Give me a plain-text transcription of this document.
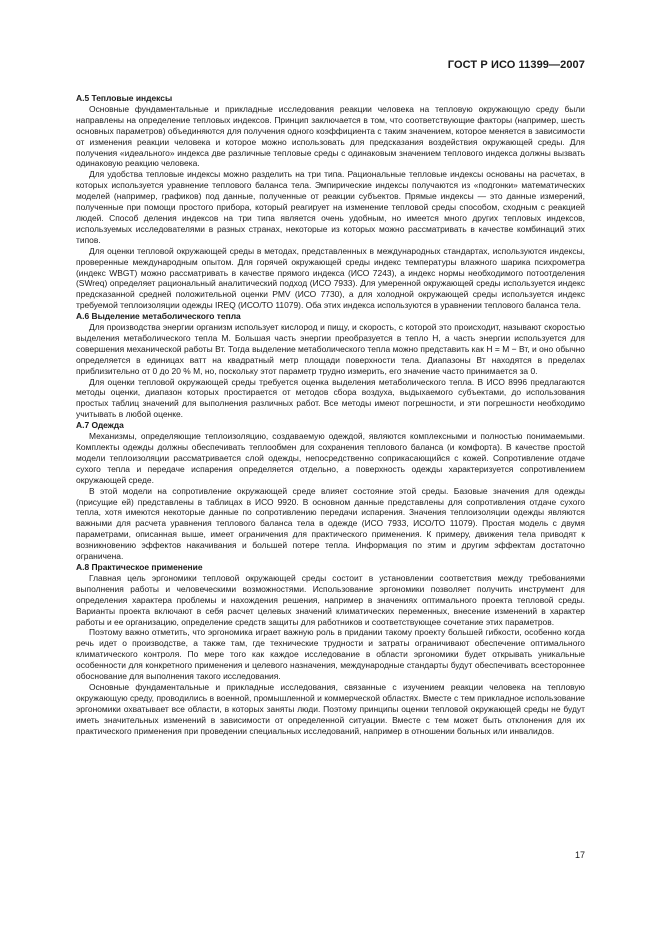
ГОСТ Р ИСО 11399—2007
A.5 Тепловые индексы

Основные фундаментальные и прикладные исследования реакции человека на тепловую окружающую среду были направлены на определение тепловых индексов. Принцип заключается в том, что соответствующие факторы (например, шесть основных параметров) объединяются для получения одного коэффициента с таким значением, которое меняется в зависимости от изменения реакции человека и которое можно использовать для предсказания воздействия окружающей среды. Для получения «идеального» индекса две различные тепловые среды с одинаковым значением теплового индекса должны вызвать одинаковую реакцию человека.

Для удобства тепловые индексы можно разделить на три типа. Рациональные тепловые индексы основаны на расчетах, в которых используется уравнение теплового баланса тела. Эмпирические индексы получаются из «подгонки» математических моделей (например, графиков) под данные, полученные от реакции субъектов. Прямые индексы — это данные измерений, полученные при помощи простого прибора, который реагирует на изменение тепловой среды способом, сходным с реакцией людей. Способ деления индексов на три типа является очень удобным, но имеется много других тепловых индексов, используемых исследователями в разных странах, некоторые из которых можно рассматривать в качестве комбинаций этих типов.

Для оценки тепловой окружающей среды в методах, представленных в международных стандартах, используются индексы, проверенные международным опытом. Для горячей окружающей среды индекс температуры влажного шарика психрометра (индекс WBGT) можно рассматривать в качестве прямого индекса (ИСО 7243), а индекс нормы необходимого потоотделения (SWreq) определяет рациональный аналитический подход (ИСО 7933). Для умеренной окружающей среды используется индекс предсказанной средней положительной оценки PMV (ИСО 7730), а для холодной окружающей среды используется индекс требуемой теплоизоляции одежды IREQ (ИСО/ТО 11079). Оба этих индекса используются в уравнении теплового баланса тела.

A.6 Выделение метаболического тепла

Для производства энергии организм использует кислород и пищу, и скорость, с которой это происходит, называют скоростью выделения метаболического тепла М. Большая часть энергии преобразуется в тепло Н, а часть энергии используется для совершения механической работы Вт. Тогда выделение метаболического тепла можно представить как Н = М − Вт, и оно обычно определяется в единицах ватт на квадратный метр площади поверхности тела. Диапазоны Вт находятся в пределах приблизительно от 0 до 20 % М, но, поскольку этот параметр трудно измерить, его значение часто принимается за 0.

Для оценки тепловой окружающей среды требуется оценка выделения метаболического тепла. В ИСО 8996 предлагаются методы оценки, диапазон которых простирается от методов сбора воздуха, выдыхаемого субъектами, до использования простых таблиц значений для выполнения различных работ. Все методы имеют погрешности, и эти погрешности необходимо учитывать в любой оценке.

A.7 Одежда

Механизмы, определяющие теплоизоляцию, создаваемую одеждой, являются комплексными и полностью понимаемыми. Комплекты одежды должны обеспечивать теплообмен для сохранения теплового баланса (и комфорта). В качестве простой модели теплоизоляции рассматривается слой одежды, непосредственно соприкасающийся с кожей. Сопротивление отдаче сухого тепла и передаче испарения определяется отдельно, а поверхность одежды характеризуется сопротивлением окружающей среде.

В этой модели на сопротивление окружающей среде влияет состояние этой среды. Базовые значения для одежды (присущие ей) представлены в таблицах в ИСО 9920. В основном данные представлены для сопротивления отдаче сухого тепла, хотя имеются некоторые данные по сопротивлению передачи испарения. Значения теплоизоляции одежды являются важными для расчета уравнения теплового баланса тела в одежде (ИСО 7933, ИСО/ТО 11079). Простая модель с двумя параметрами, описанная выше, имеет ограничения для практического применения. К примеру, движения тела приводят к возникновению эффектов накачивания и большей потере тепла. Информация по этим и другим эффектам достаточно ограничена.

A.8 Практическое применение

Главная цель эргономики тепловой окружающей среды состоит в установлении соответствия между требованиями выполнения работы и человеческими возможностями. Использование эргономики позволяет получить инструмент для определения характера проблемы и нахождения решения, например в значениях оптимального проекта тепловой среды. Варианты проекта включают в себя расчет целевых значений климатических переменных, внесение изменений в характер работы и ее организацию, определение средств защиты для работников и соответствующее сочетание этих параметров.

Поэтому важно отметить, что эргономика играет важную роль в придании такому проекту большей гибкости, особенно когда речь идет о производстве, а также там, где технические трудности и затраты ограничивают обеспечение оптимального климатического контроля. По мере того как каждое исследование в области эргономики будет открывать уникальные особенности для конкретного применения и целевого назначения, международные стандарты будут обеспечивать всестороннее обоснование для выполнения такого исследования.

Основные фундаментальные и прикладные исследования, связанные с изучением реакции человека на тепловую окружающую среду, проводились в военной, промышленной и коммерческой областях. Вместе с тем прикладное использование эргономики охватывает все области, в которых заняты люди. Поэтому принципы оценки тепловой окружающей среды не будут иметь значительных изменений в зависимости от определенной ситуации. Вместе с тем может быть отклонения для их практического применения при проведении специальных исследований, например в отношении больных или инвалидов.

17
